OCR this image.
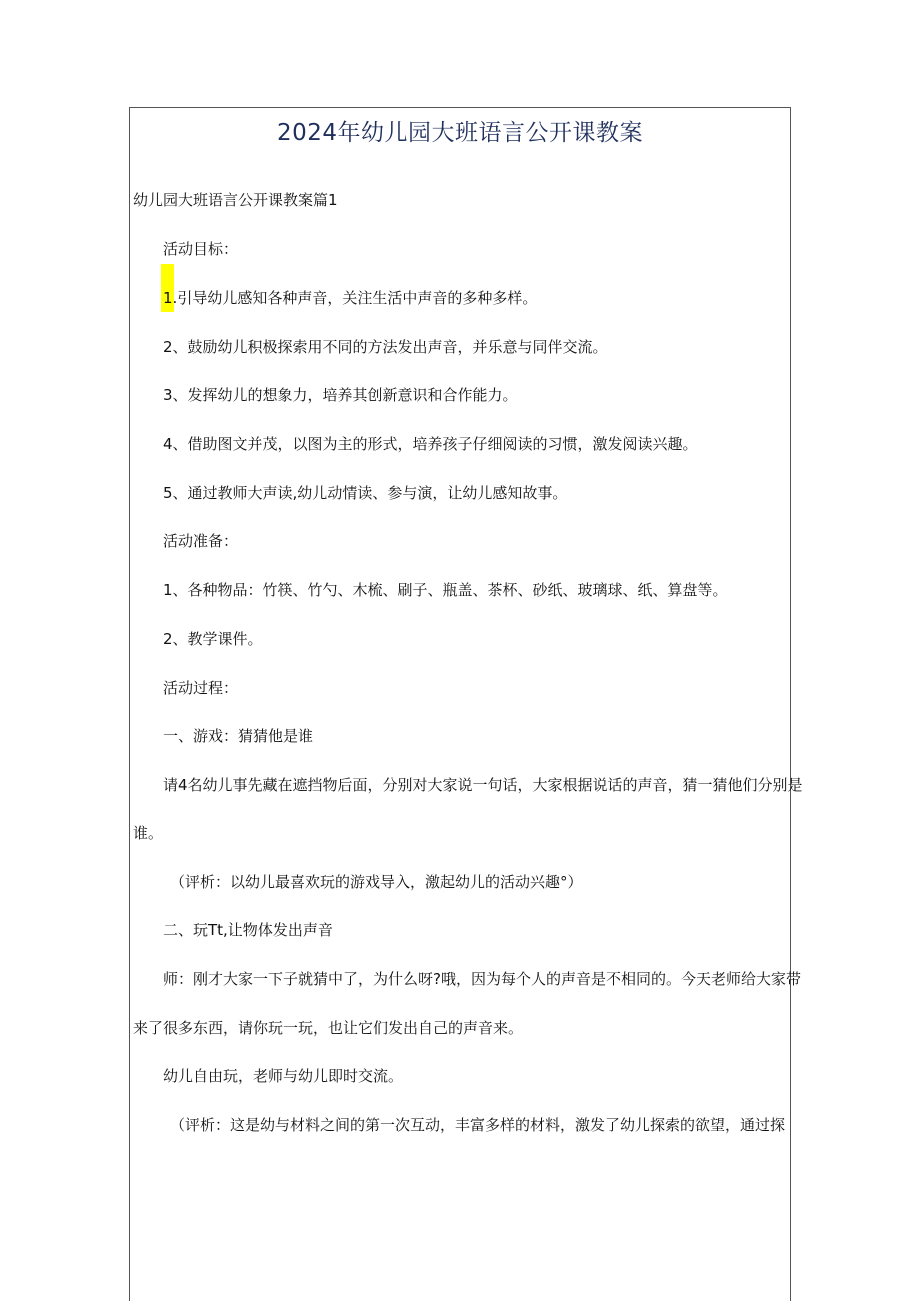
2024年幼儿园大班语言公开课教案
幼儿园大班语言公开课教案篇1
活动目标：
1.引导幼儿感知各种声音，关注生活中声音的多种多样。
2、鼓励幼儿积极探索用不同的方法发出声音，并乐意与同伴交流。
3、发挥幼儿的想象力，培养其创新意识和合作能力。
4、借助图文并茂，以图为主的形式，培养孩子仔细阅读的习惯，激发阅读兴趣。
5、通过教师大声读,幼儿动情读、参与演，让幼儿感知故事。
活动准备：
1、各种物品：竹筷、竹勺、木梳、刷子、瓶盖、茶杯、砂纸、玻璃球、纸、算盘等。
2、教学课件。
活动过程：
一、游戏：猜猜他是谁
请4名幼儿事先藏在遮挡物后面，分别对大家说一句话，大家根据说话的声音，猜一猜他们分别是
谁。
（评析：以幼儿最喜欢玩的游戏导入，激起幼儿的活动兴趣°）
二、玩Tt,让物体发出声音
师：刚才大家一下子就猜中了，为什么呀?哦，因为每个人的声音是不相同的。今天老师给大家带
来了很多东西，请你玩一玩，也让它们发出自己的声音来。
幼儿自由玩，老师与幼儿即时交流。
（评析：这是幼与材料之间的第一次互动，丰富多样的材料，激发了幼儿探索的欲望，通过探
